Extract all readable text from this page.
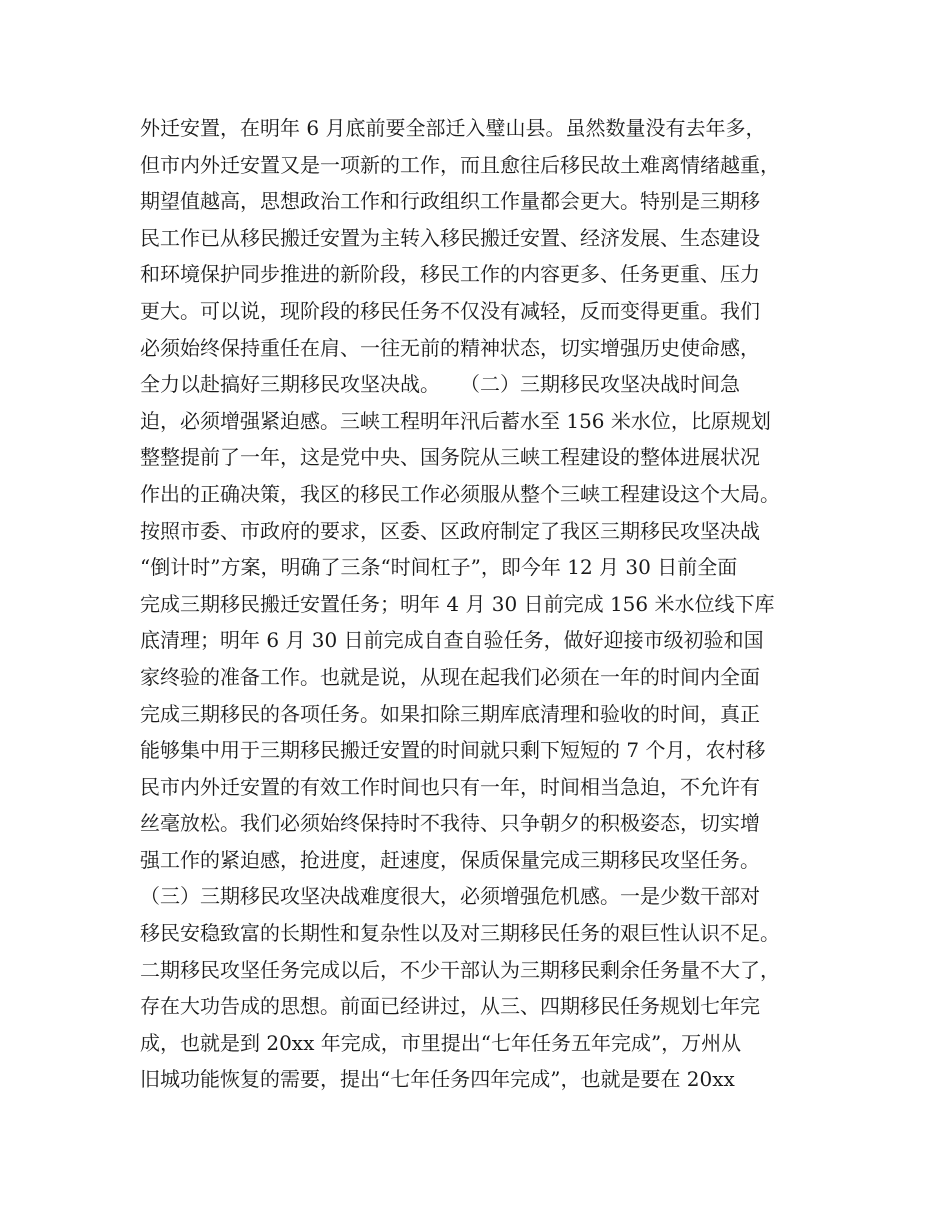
外迁安置，在明年 6 月底前要全部迁入璧山县。虽然数量没有去年多，
但市内外迁安置又是一项新的工作，而且愈往后移民故土难离情绪越重，
期望值越高，思想政治工作和行政组织工作量都会更大。特别是三期移
民工作已从移民搬迁安置为主转入移民搬迁安置、经济发展、生态建设
和环境保护同步推进的新阶段，移民工作的内容更多、任务更重、压力
更大。可以说，现阶段的移民任务不仅没有减轻，反而变得更重。我们
必须始终保持重任在肩、一往无前的精神状态，切实增强历史使命感，
全力以赴搞好三期移民攻坚决战。　　（二）三期移民攻坚决战时间急
迫，必须增强紧迫感。三峡工程明年汛后蓄水至 156 米水位，比原规划
整整提前了一年，这是党中央、国务院从三峡工程建设的整体进展状况
作出的正确决策，我区的移民工作必须服从整个三峡工程建设这个大局。
按照市委、市政府的要求，区委、区政府制定了我区三期移民攻坚决战
“倒计时”方案，明确了三条“时间杠子”，即今年 12 月 30 日前全面
完成三期移民搬迁安置任务；明年 4 月 30 日前完成 156 米水位线下库
底清理；明年 6 月 30 日前完成自查自验任务，做好迎接市级初验和国
家终验的准备工作。也就是说，从现在起我们必须在一年的时间内全面
完成三期移民的各项任务。如果扣除三期库底清理和验收的时间，真正
能够集中用于三期移民搬迁安置的时间就只剩下短短的 7 个月，农村移
民市内外迁安置的有效工作时间也只有一年，时间相当急迫，不允许有
丝毫放松。我们必须始终保持时不我待、只争朝夕的积极姿态，切实增
强工作的紧迫感，抢进度，赶速度，保质保量完成三期移民攻坚任务。
（三）三期移民攻坚决战难度很大，必须增强危机感。一是少数干部对
移民安稳致富的长期性和复杂性以及对三期移民任务的艰巨性认识不足。
二期移民攻坚任务完成以后，不少干部认为三期移民剩余任务量不大了，
存在大功告成的思想。前面已经讲过，从三、四期移民任务规划七年完
成，也就是到 20xx 年完成，市里提出“七年任务五年完成”，万州从
旧城功能恢复的需要，提出“七年任务四年完成”，也就是要在 20xx
